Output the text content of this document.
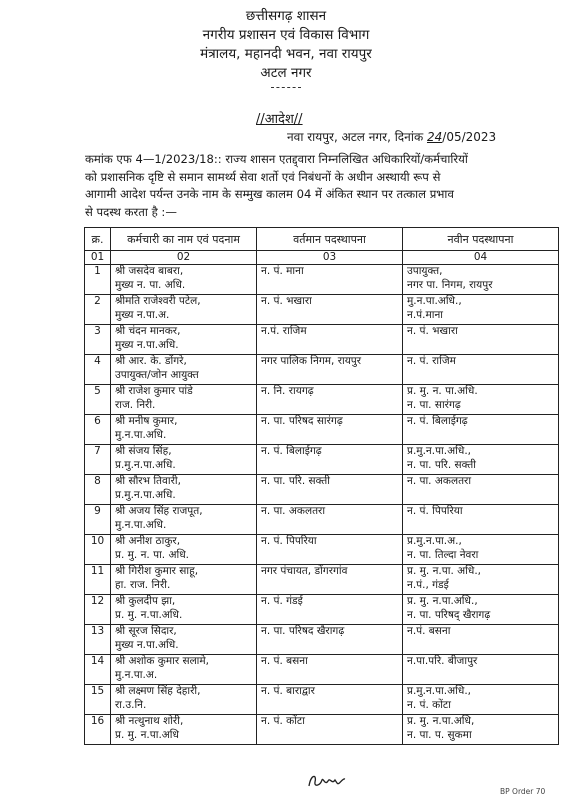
छत्तीसगढ़ शासन
नगरीय प्रशासन एवं विकास विभाग
मंत्रालय, महानदी भवन, नवा रायपुर
अटल नगर
//आदेश//
नवा रायपुर, अटल नगर, दिनांक 24/05/2023
कमांक एफ 4—1/2023/18:: राज्य शासन एतद्द्वारा निम्नलिखित अधिकारियों/कर्मचारियों
को प्रशासनिक दृष्टि से समान सामर्थ्य सेवा शर्तो एवं निबंधनों के अधीन अस्थायी रूप से
आगामी आदेश पर्यन्त उनके नाम के सम्मुख कालम 04 में अंकित स्थान पर तत्काल प्रभाव
से पदस्थ करता है :—
क्र.	कर्मचारी का नाम एवं पदनाम	वर्तमान पदस्थापना	नवीन पदस्थापना
01	02	03	04
1	श्री जसदेव बाबरा,
मुख्य न. पा. अधि.	न. पं. माना	उपायुक्त,
नगर पा. निगम, रायपुर

2	श्रीमति राजेश्वरी पटेल,
मुख्य न.पा.अ.	न. पं. भखारा	मु.न.पा.अधि.,
न.पं.माना

3	श्री चंदन मानकर,
मुख्य न.पा.अधि.	न.पं. राजिम	न. पं. भखारा

4	श्री आर. के. डोंगरे,
उपायुक्त/जोन आयुक्त	नगर पालिक निगम, रायपुर	न. पं. राजिम

5	श्री राजेश कुमार पांडे
राज. निरी.	न. नि. रायगढ़	प्र. मु. न. पा.अधि.
न. पा. सारंगढ़

6	श्री मनीष कुमार,
मु.न.पा.अधि.	न. पा. परिषद सारंगढ़	न. पं. बिलाईगढ़

7	श्री संजय सिंह,
प्र.मु.न.पा.अधि.	न. पं. बिलाईगढ़	प्र.मु.न.पा.अधि.,
न. पा. परि. सक्ती

8	श्री सौरभ तिवारी,
प्र.मु.न.पा.अधि.	न. पा. परि. सक्ती	न. पा. अकलतरा

9	श्री अजय सिंह राजपूत,
मु.न.पा.अधि.	न. पा. अकलतरा	न. पं. पिपरिया

10	श्री अनीश ठाकुर,
प्र. मु. न. पा. अधि.	न. पं. पिपरिया	प्र.मु.न.पा.अ.,
न. पा. तिल्दा नेवरा

11	श्री गिरीश कुमार साहू,
हा. राज. निरी.	नगर पंचायत, डोंगरगांव	प्र. मु. न.पा. अधि.,
न.पं., गंडई

12	श्री कुलदीप झा,
प्र. मु. न.पा.अधि.	न. पं. गंडई	प्र. मु. न.पा.अधि.,
न. पा. परिषद् खैरागढ़

13	श्री सूरज सिदार,
मुख्य न.पा.अधि.	न. पा. परिषद खैरागढ़	न.पं. बसना

14	श्री अशोक कुमार सलामे,
मु.न.पा.अ.	न. पं. बसना	न.पा.परि. बीजापुर

15	श्री लक्ष्मण सिंह देहारी,
रा.उ.नि.	न. पं. बाराद्वार	प्र.मु.न.पा.अधि.,
न. पं. कोंटा

16	श्री नत्थुनाथ शोरी,
प्र. मु. न.पा.अधि	न. पं. कोंटा	प्र. मु. न.पा.अधि,
न. पा. प. सुकमा
BP Order 70
